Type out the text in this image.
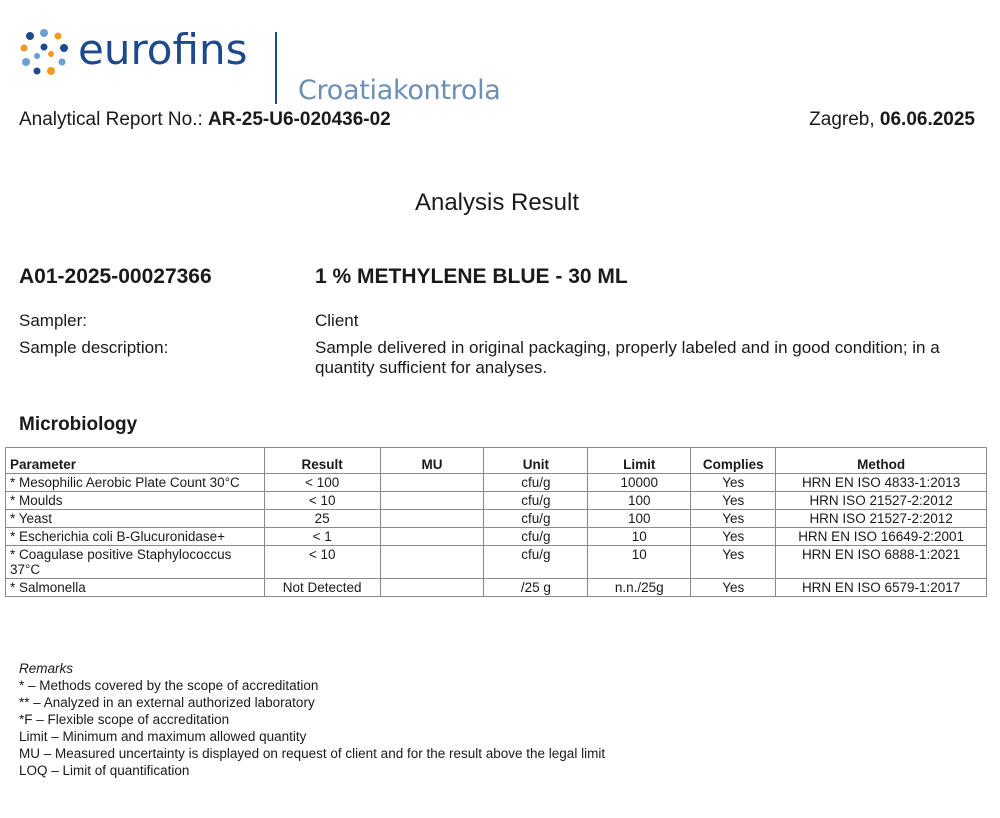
eurofins
Croatiakontrola
Analytical Report No.: AR-25-U6-020436-02	Zagreb, 06.06.2025
Analysis Result
A01-2025-00027366	1 % METHYLENE BLUE - 30 ML
Sampler:	Client
Sample description:	Sample delivered in original packaging, properly labeled and in good condition; in a quantity sufficient for analyses.
Microbiology
Parameter	Result	MU	Unit	Limit	Complies	Method
* Mesophilic Aerobic Plate Count 30°C	< 100		cfu/g	10000	Yes	HRN EN ISO 4833-1:2013
* Moulds	< 10		cfu/g	100	Yes	HRN ISO 21527-2:2012
* Yeast	25		cfu/g	100	Yes	HRN ISO 21527-2:2012
* Escherichia coli B-Glucuronidase+	< 1		cfu/g	10	Yes	HRN EN ISO 16649-2:2001
* Coagulase positive Staphylococcus 37°C	< 10		cfu/g	10	Yes	HRN EN ISO 6888-1:2021
* Salmonella	Not Detected		/25 g	n.n./25g	Yes	HRN EN ISO 6579-1:2017
Remarks
* – Methods covered by the scope of accreditation
** – Analyzed in an external authorized laboratory
*F – Flexible scope of accreditation
Limit – Minimum and maximum allowed quantity
MU – Measured uncertainty is displayed on request of client and for the result above the legal limit
LOQ – Limit of quantification
